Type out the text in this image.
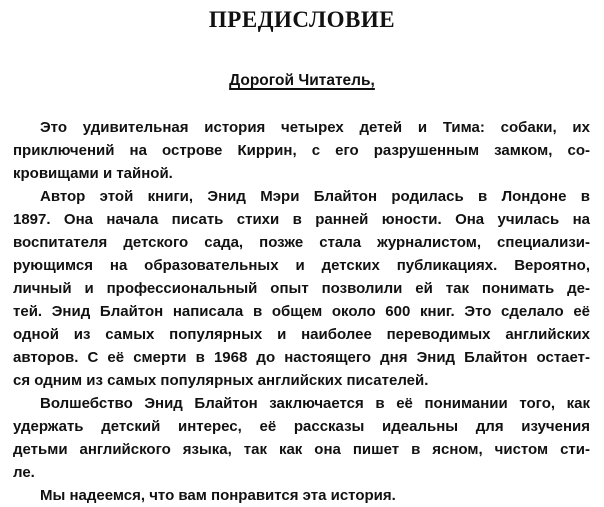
ПРЕДИСЛОВИЕ
Дорогой Читатель,
Это удивительная история четырех детей и Тима: собаки, их
приключений на острове Киррин, с его разрушенным замком, со-
кровищами и тайной.
Автор этой книги, Энид Мэри Блайтон родилась в Лондоне в
1897. Она начала писать стихи в ранней юности. Она училась на
воспитателя детского сада, позже стала журналистом, специализи-
рующимся на образовательных и детских публикациях. Вероятно,
личный и профессиональный опыт позволили ей так понимать де-
тей. Энид Блайтон написала в общем около 600 книг. Это сделало её
одной из самых популярных и наиболее переводимых английских
авторов. С её смерти в 1968 до настоящего дня Энид Блайтон остает-
ся одним из самых популярных английских писателей.
Волшебство Энид Блайтон заключается в её понимании того, как
удержать детский интерес, её рассказы идеальны для изучения
детьми английского языка, так как она пишет в ясном, чистом сти-
ле.
Мы надеемся, что вам понравится эта история.
